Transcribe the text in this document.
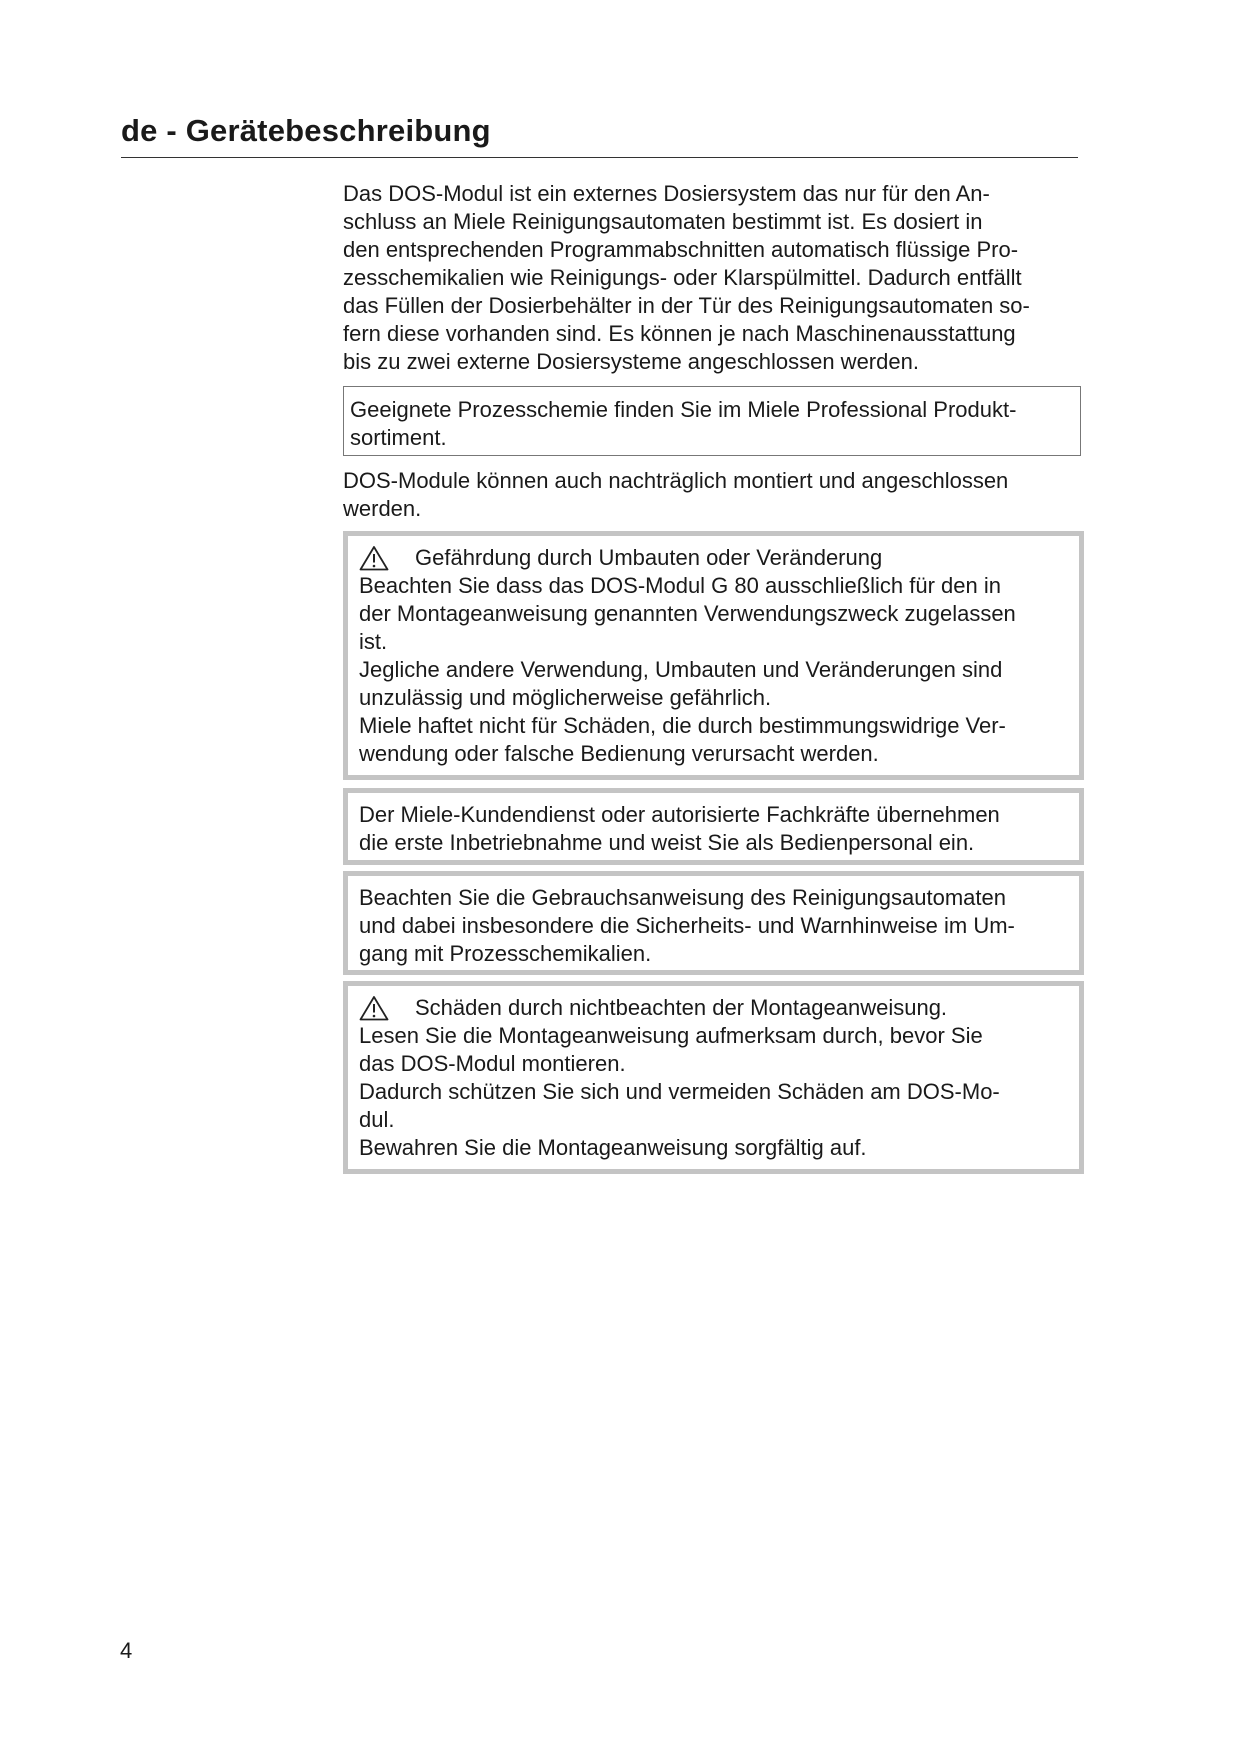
de - Gerätebeschreibung

Das DOS-Modul ist ein externes Dosiersystem das nur für den An-
schluss an Miele Reinigungsautomaten bestimmt ist. Es dosiert in
den entsprechenden Programmabschnitten automatisch flüssige Pro-
zesschemikalien wie Reinigungs- oder Klarspülmittel. Dadurch entfällt
das Füllen der Dosierbehälter in der Tür des Reinigungsautomaten so-
fern diese vorhanden sind. Es können je nach Maschinenausstattung
bis zu zwei externe Dosiersysteme angeschlossen werden.

Geeignete Prozesschemie finden Sie im Miele Professional Produkt-
sortiment.

DOS-Module können auch nachträglich montiert und angeschlossen
werden.

Gefährdung durch Umbauten oder Veränderung
Beachten Sie dass das DOS-Modul G 80 ausschließlich für den in
der Montageanweisung genannten Verwendungszweck zugelassen
ist.
Jegliche andere Verwendung, Umbauten und Veränderungen sind
unzulässig und möglicherweise gefährlich.
Miele haftet nicht für Schäden, die durch bestimmungswidrige Ver-
wendung oder falsche Bedienung verursacht werden.
Der Miele-Kundendienst oder autorisierte Fachkräfte übernehmen
die erste Inbetriebnahme und weist Sie als Bedienpersonal ein.
Beachten Sie die Gebrauchsanweisung des Reinigungsautomaten
und dabei insbesondere die Sicherheits- und Warnhinweise im Um-
gang mit Prozesschemikalien.
Schäden durch nichtbeachten der Montageanweisung.
Lesen Sie die Montageanweisung aufmerksam durch, bevor Sie
das DOS-Modul montieren.
Dadurch schützen Sie sich und vermeiden Schäden am DOS-Mo-
dul.
Bewahren Sie die Montageanweisung sorgfältig auf.
4
